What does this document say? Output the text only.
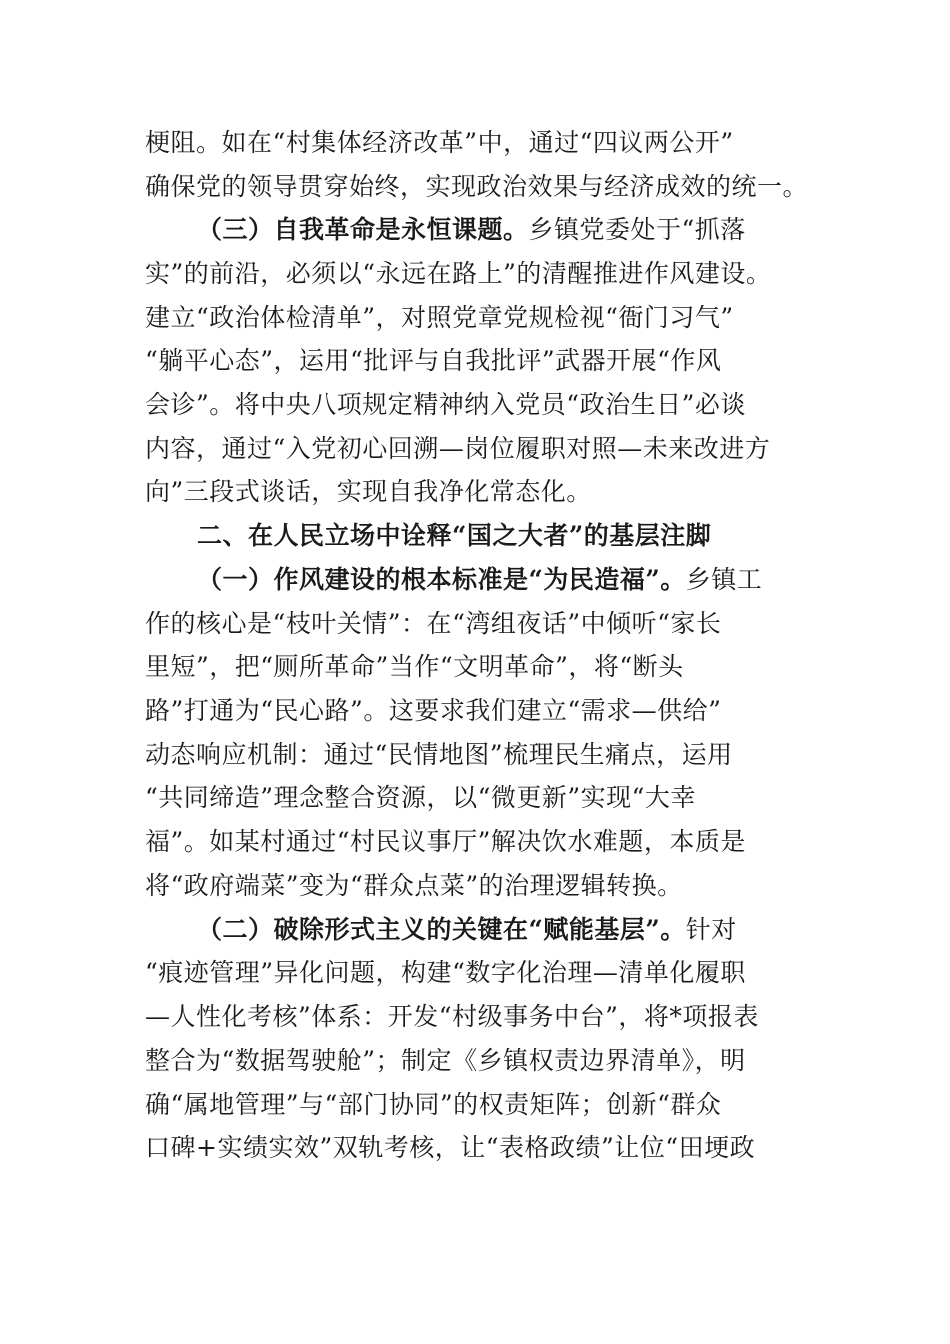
梗阻。如在“村集体经济改革”中，通过“四议两公开”
确保党的领导贯穿始终，实现政治效果与经济成效的统一。
（三）自我革命是永恒课题。乡镇党委处于“抓落
实”的前沿，必须以“永远在路上”的清醒推进作风建设。
建立“政治体检清单”，对照党章党规检视“衙门习气”
“躺平心态”，运用“批评与自我批评”武器开展“作风
会诊”。将中央八项规定精神纳入党员“政治生日”必谈
内容，通过“入党初心回溯—岗位履职对照—未来改进方
向”三段式谈话，实现自我净化常态化。
二、在人民立场中诠释“国之大者”的基层注脚
（一）作风建设的根本标准是“为民造福”。乡镇工
作的核心是“枝叶关情”：在“湾组夜话”中倾听“家长
里短”，把“厕所革命”当作“文明革命”，将“断头
路”打通为“民心路”。这要求我们建立“需求—供给”
动态响应机制：通过“民情地图”梳理民生痛点，运用
“共同缔造”理念整合资源，以“微更新”实现“大幸
福”。如某村通过“村民议事厅”解决饮水难题，本质是
将“政府端菜”变为“群众点菜”的治理逻辑转换。
（二）破除形式主义的关键在“赋能基层”。针对
“痕迹管理”异化问题，构建“数字化治理—清单化履职
—人性化考核”体系：开发“村级事务中台”，将*项报表
整合为“数据驾驶舱”；制定《乡镇权责边界清单》，明
确“属地管理”与“部门协同”的权责矩阵；创新“群众
口碑+实绩实效”双轨考核，让“表格政绩”让位“田埂政
